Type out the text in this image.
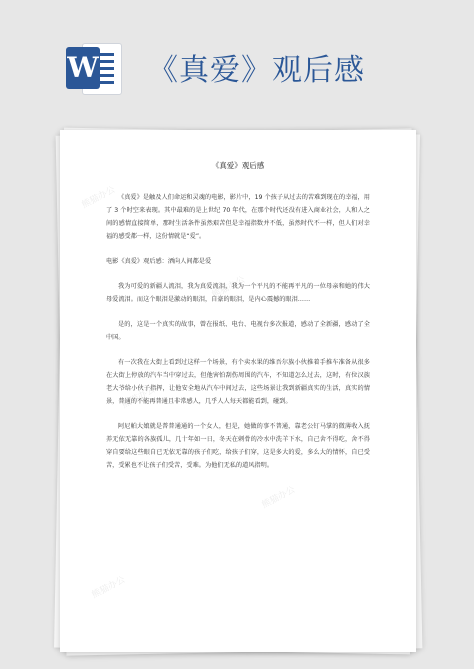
W 《真爱》观后感
《真爱》观后感

《真爱》是触及人们命运和灵魂的电影，影片中，19 个孩子从过去的苦难到现在的幸福，用了 3 个时空来表现。其中最难的是上世纪 70 年代，在那个时代还没有进入商业社会，人和人之间的感情直接简单，那时生活条件虽然艰苦但是幸福指数并不低，虽然时代不一样，但人们对幸福的感受都一样，这份情就是“爱”。

电影《真爱》观后感：洒向人间都是爱

我为可爱的新疆人流泪，我为真爱流泪，我为一个平凡的不能再平凡的一位母亲和她的伟大母爱流泪。而这个眼泪是激动的眼泪，自豪的眼泪，是内心震撼的眼泪……

是的，这是一个真实的故事，曾在报纸、电台、电视台多次报道，感动了全新疆，感动了全中国。

有一次我在大街上看到过这样一个场景，有个卖水果的维吾尔族小伙推着手推车准备从很多在大街上停放的汽车当中穿过去，但他害怕刮伤周围的汽车，不知道怎么过去，这时，有位汉族老大爷给小伙子指挥，让他安全地从汽车中间过去，这些场景让我到新疆真实的生活，真实的情景，普通的不能再普通且非常感人，几乎人人每天都能看到，碰到。

阿尼帕大娘就是普普通通的一个女人，但是，她做的事不普通，靠老公钉马掌的微薄收入抚养无依无靠的各族孤儿，几十年如一日，冬天在刺骨的冷水中洗羊下水，自己舍不得吃，舍不得穿自要给这些眼自已无依无靠的孩子们吃，给孩子们穿，这是多大的爱，多么大的情怀，自已受苦，受累也不让孩子们受苦，受难。为他们无私的道风指明。

熊猫办公
熊猫办公
熊猫办公
熊猫办公
熊猫办公
